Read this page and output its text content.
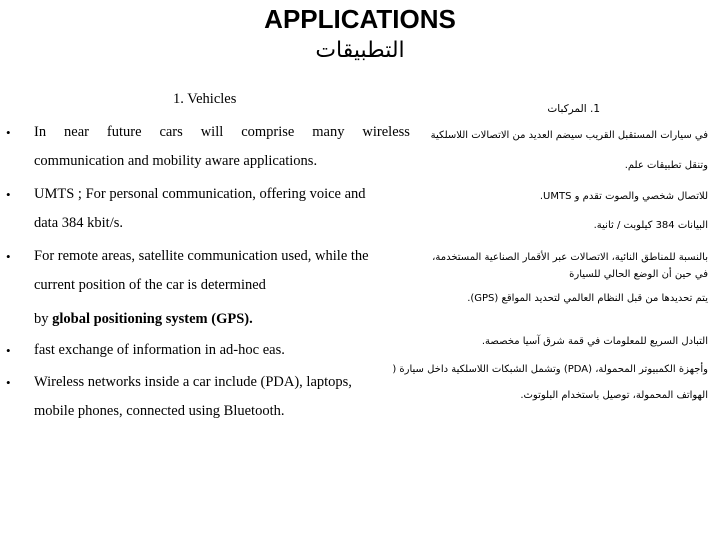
APPLICATIONS
التطبيقات
1. Vehicles
1. المركبات
• In near future cars will comprise many wireless
communication and mobility aware applications.
• UMTS ; For personal communication, offering voice and
data 384 kbit/s.
• For remote areas, satellite communication used, while the
current position of the car is determined
by global positioning system (GPS).
• fast exchange of information in ad-hoc eas.
• Wireless networks inside a car include (PDA), laptops,
mobile phones, connected using Bluetooth.
في سيارات المستقبل القريب سيضم العديد من الاتصالات اللاسلكية
وتنقل تطبيقات علم.
للاتصال شخصي والصوت تقدم و UMTS.
البيانات 384 كيلوبت / ثانية.
بالنسبة للمناطق النائية، الاتصالات عبر الأقمار الصناعية المستخدمة،
في حين أن الوضع الحالي للسيارة
يتم تحديدها من قبل النظام العالمي لتحديد المواقع (GPS).
التبادل السريع للمعلومات في قمة شرق آسيا مخصصة.
وأجهزة الكمبيوتر المحمولة، (PDA) وتشمل الشبكات اللاسلكية داخل سيارة (
الهواتف المحمولة، توصيل باستخدام البلوتوث.
